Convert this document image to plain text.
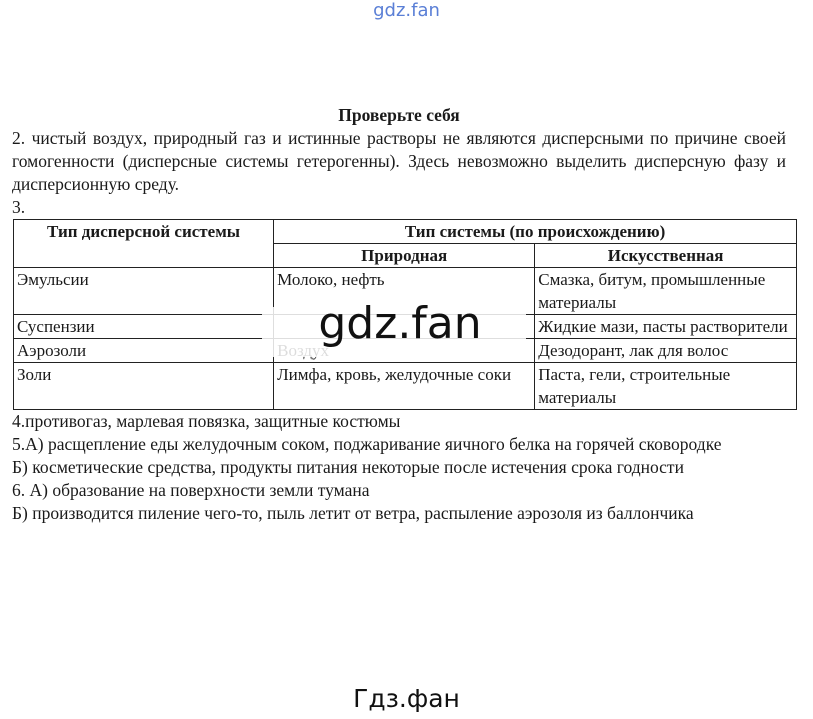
gdz.fan
Проверьте себя
2. чистый воздух, природный газ и истинные растворы не являются дисперсными по причине своей гомогенности (дисперсные системы гетерогенны). Здесь невозможно выделить дисперсную фазу и дисперсионную среду.
3.
Тип дисперсной системы	Тип системы (по происхождению)	
	Природная	Искусственная
Эмульсии	Молоко, нефть	Смазка, битум, промышленные материалы
Суспензии		Жидкие мази, пасты растворители
Аэрозоли		Дезодорант, лак для волос
Золи	Лимфа, кровь, желудочные соки	Паста, гели, строительные материалы
4.противогаз, марлевая повязка, защитные костюмы
5.А) расщепление еды желудочным соком, поджаривание яичного белка на горячей сковородке
Б) косметические средства, продукты питания некоторые после истечения срока годности
6. А) образование на поверхности земли тумана
Б) производится пиление чего-то, пыль летит от ветра, распыление аэрозоля из баллончика
gdz.fan
Гдз.фан
